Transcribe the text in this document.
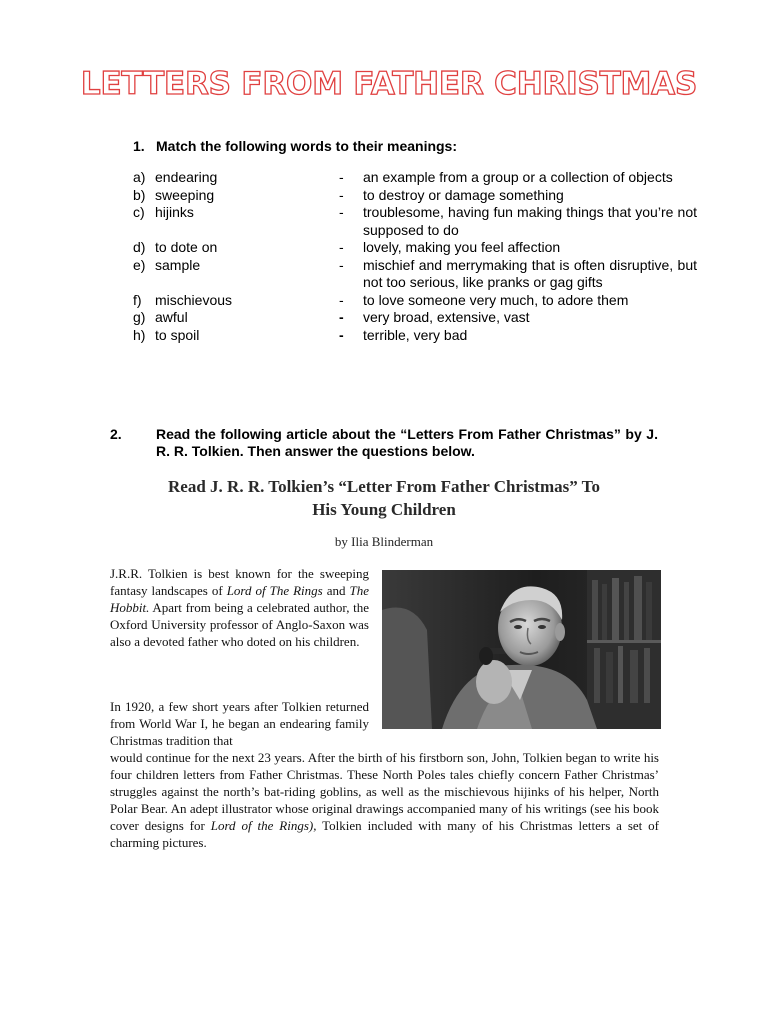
LETTERS FROM FATHER CHRISTMAS
1. Match the following words to their meanings:
a) endearing	-	an example from a group or a collection of objects
b) sweeping	-	to destroy or damage something
c) hijinks	-	troublesome, having fun making things that you’re not supposed to do
d) to dote on	-	lovely, making you feel affection
e) sample	-	mischief and merrymaking that is often disruptive, but not too serious, like pranks or gag gifts
f) mischievous	-	to love someone very much, to adore them
g) awful	-	very broad, extensive, vast
h) to spoil	-	terrible, very bad
2. Read the following article about the “Letters From Father Christmas” by J. R. R. Tolkien. Then answer the questions below.
Read J. R. R. Tolkien’s “Letter From Father Christmas” To
His Young Children
by Ilia Blinderman
J.R.R. Tolkien is best known for the sweeping fantasy landscapes of Lord of The Rings and The Hobbit. Apart from being a celebrated author, the Oxford University professor of Anglo-Saxon was also a devoted father who doted on his children.
In 1920, a few short years after Tolkien returned from World War I, he began an endearing family Christmas tradition that
would continue for the next 23 years. After the birth of his firstborn son, John, Tolkien began to write his four children letters from Father Christmas. These North Poles tales chiefly concern Father Christmas’ struggles against the north’s bat-riding goblins, as well as the mischievous hijinks of his helper, North Polar Bear. An adept illustrator whose original drawings accompanied many of his writings (see his book cover designs for Lord of the Rings), Tolkien included with many of his Christmas letters a set of charming pictures.
